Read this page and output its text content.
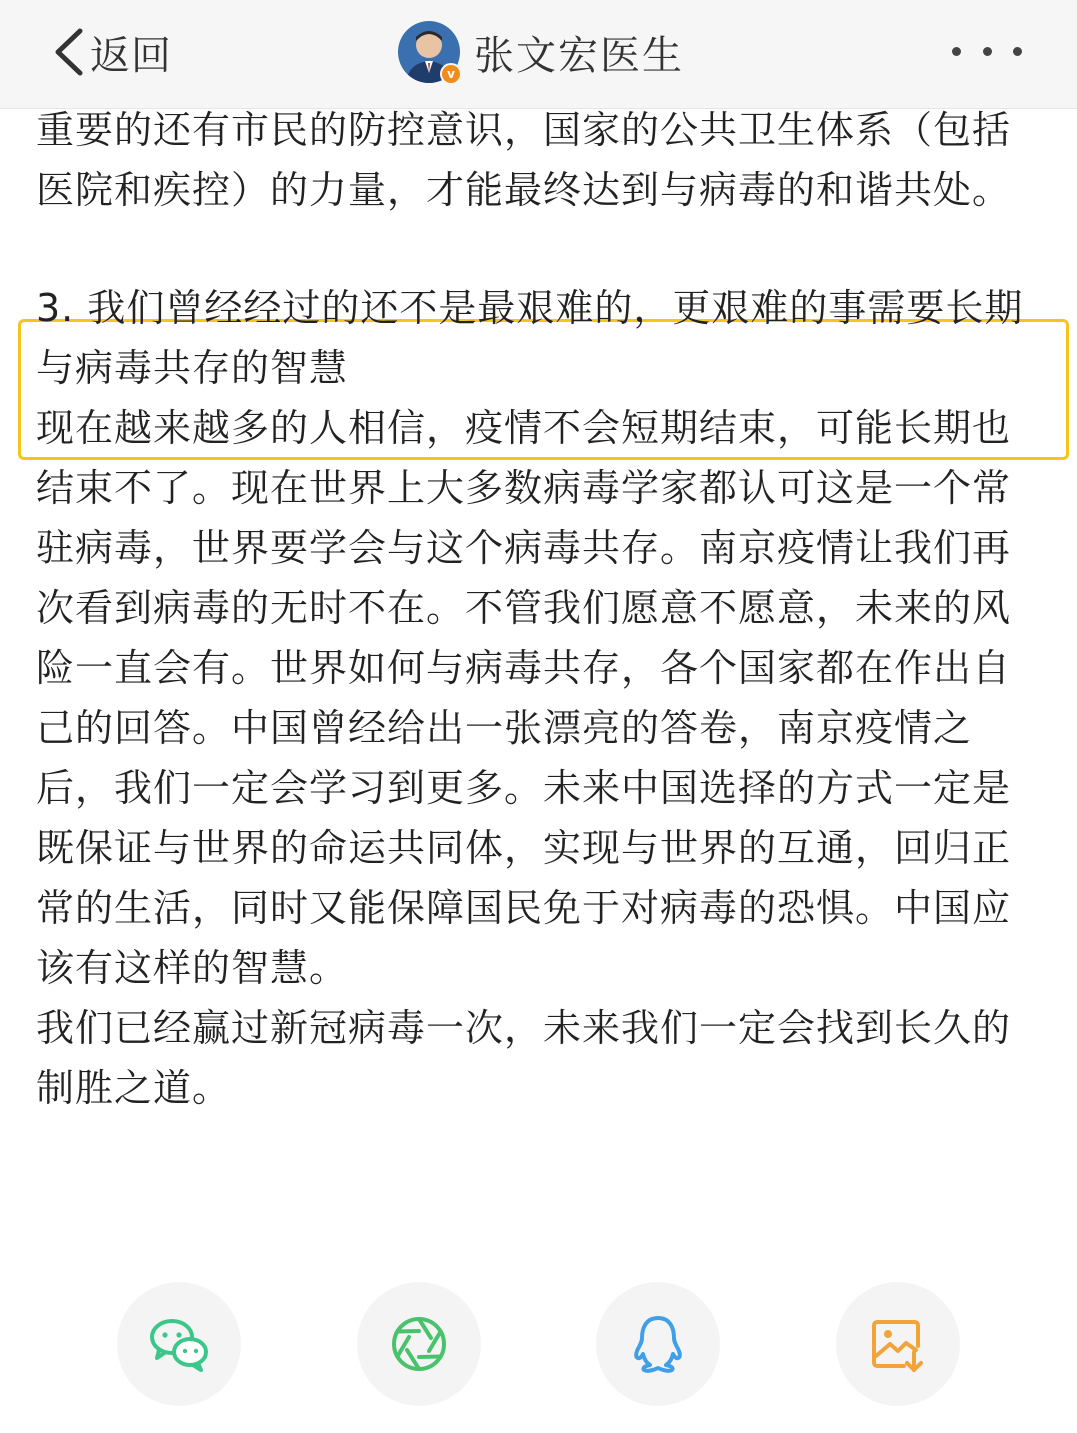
返回	v 张文宏医生

重要的还有市民的防控意识，国家的公共卫生体系（包括医院和疾控）的力量，才能最终达到与病毒的和谐共处。

3. 我们曾经经过的还不是最艰难的，更艰难的事需要长期与病毒共存的智慧

现在越来越多的人相信，疫情不会短期结束，可能长期也结束不了。现在世界上大多数病毒学家都认可这是一个常驻病毒，世界要学会与这个病毒共存。南京疫情让我们再次看到病毒的无时不在。不管我们愿意不愿意，未来的风险一直会有。世界如何与病毒共存，各个国家都在作出自己的回答。中国曾经给出一张漂亮的答卷，南京疫情之后，我们一定会学习到更多。未来中国选择的方式一定是既保证与世界的命运共同体，实现与世界的互通，回归正常的生活，同时又能保障国民免于对病毒的恐惧。中国应该有这样的智慧。

我们已经赢过新冠病毒一次，未来我们一定会找到长久的制胜之道。
